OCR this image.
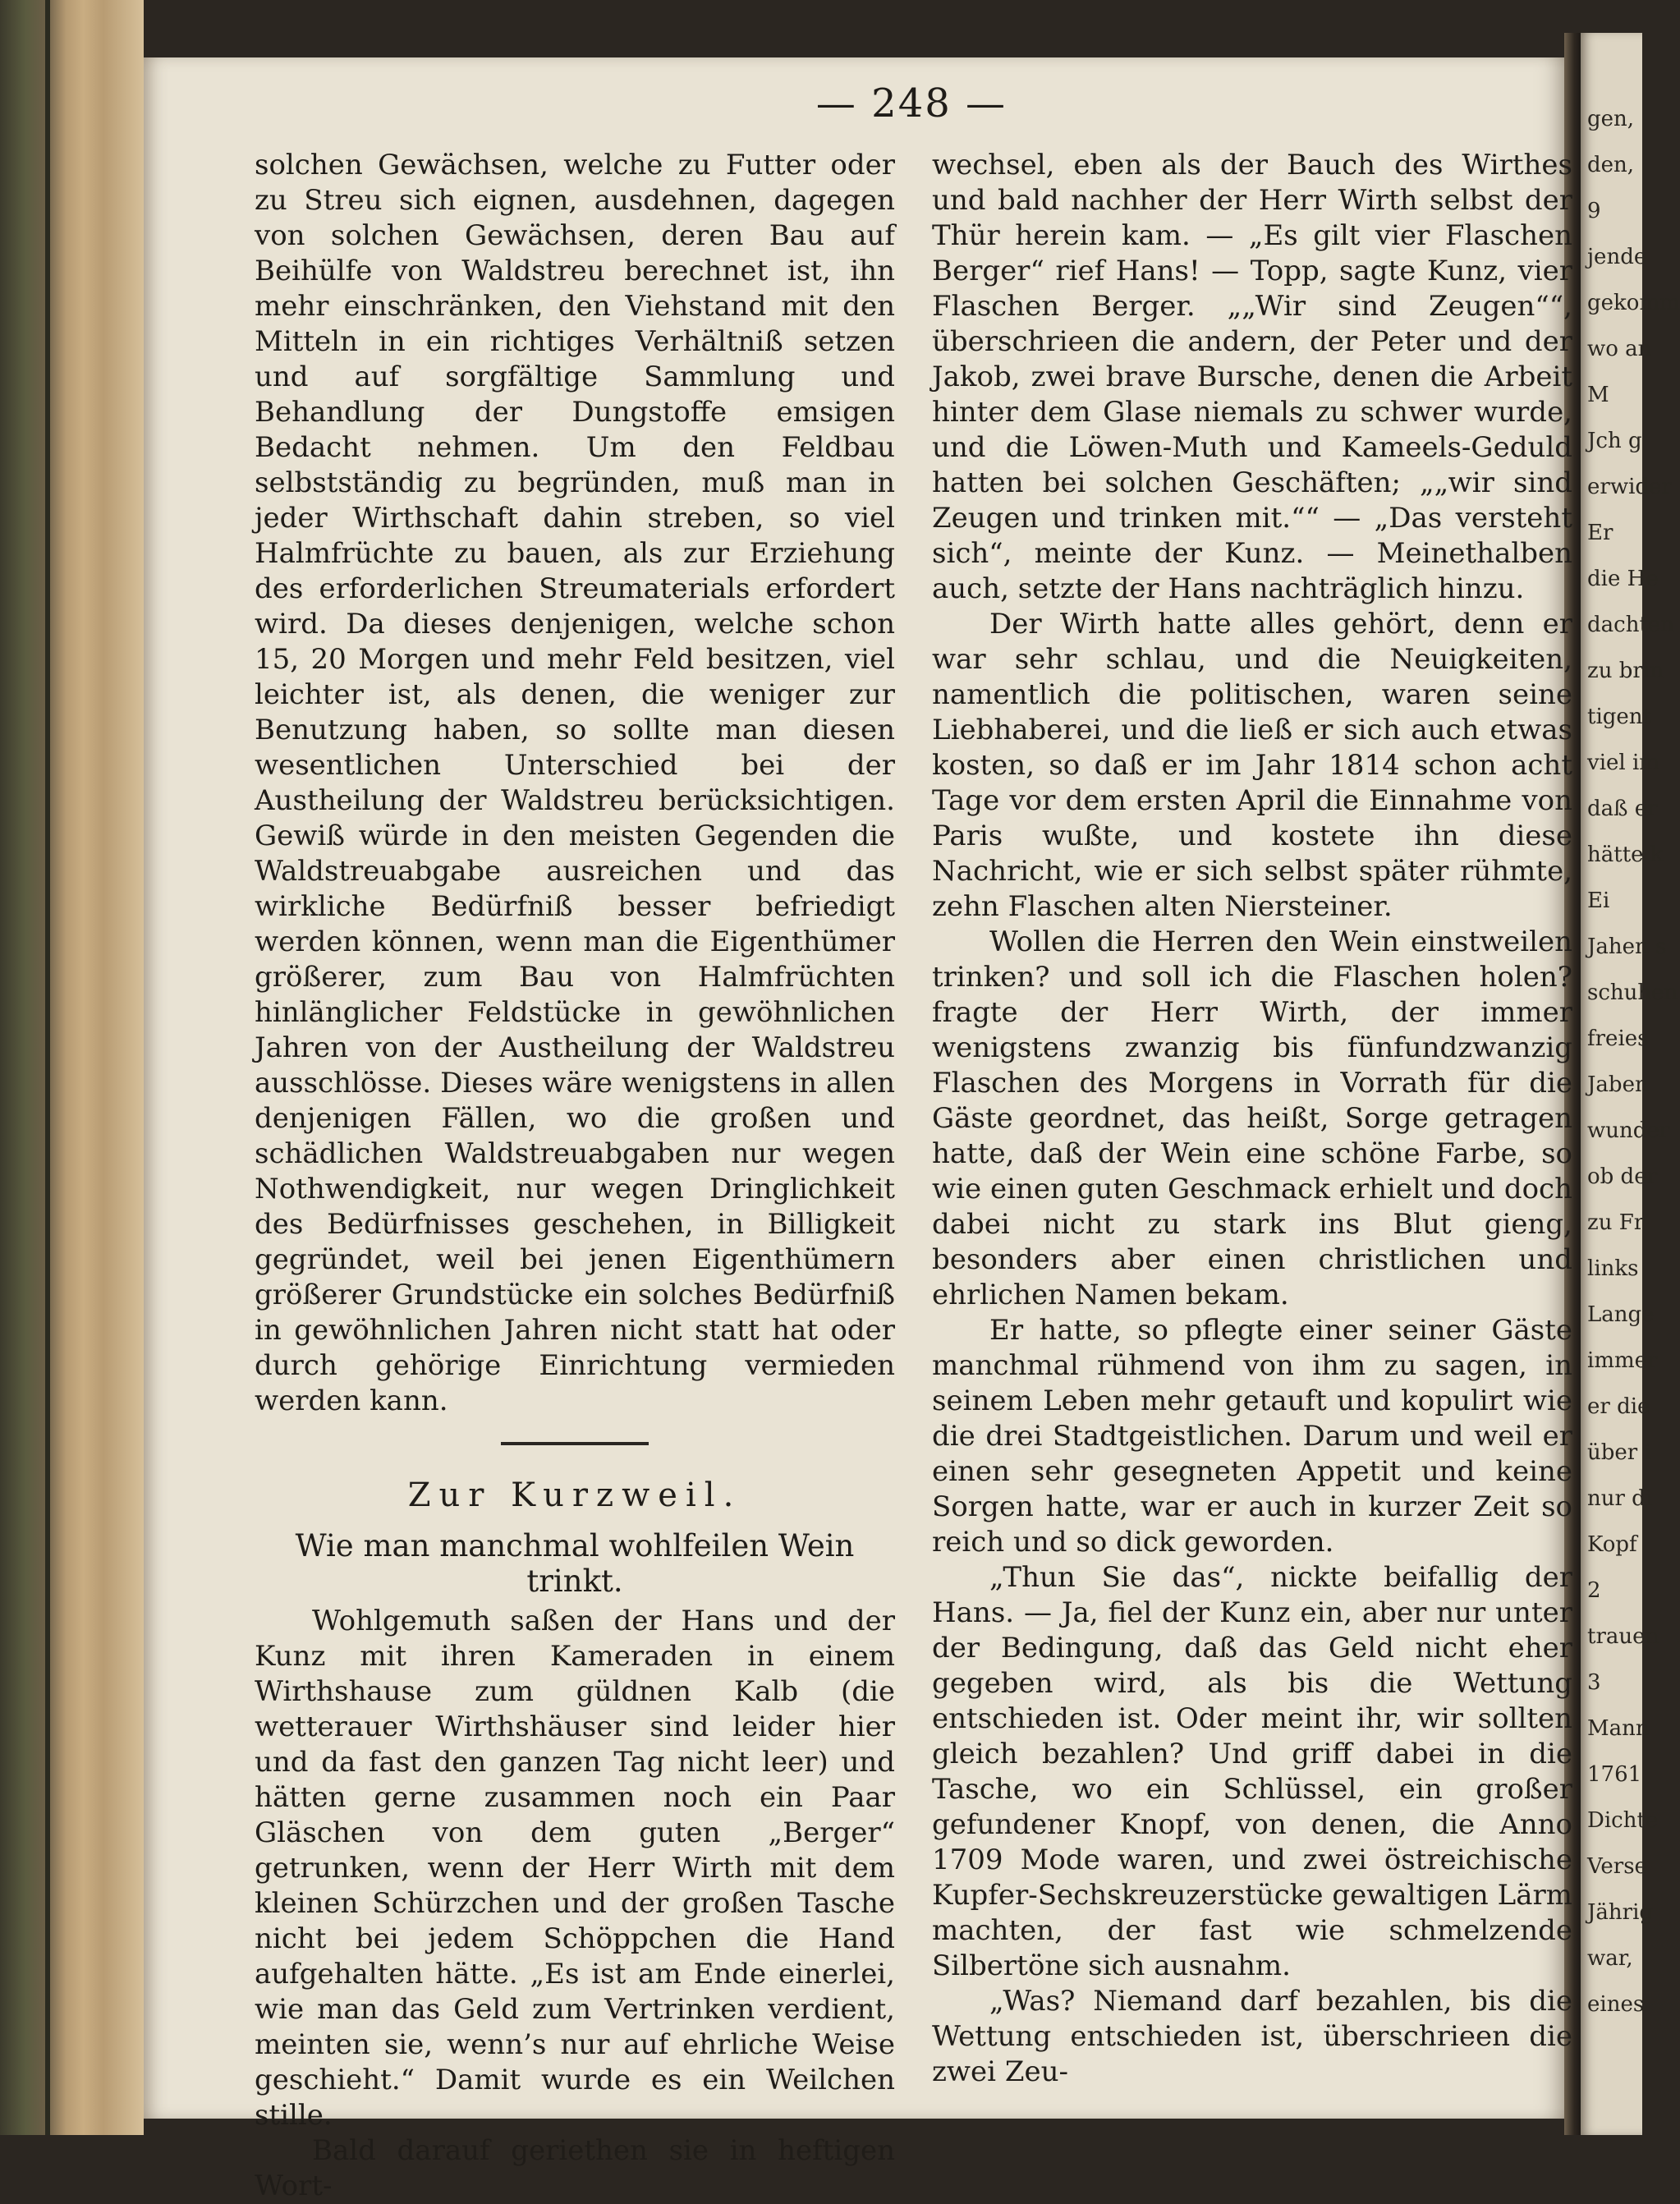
gen,
den,
9
jende
gekomm
wo an
M
Jch g
erwider
Er
die He
dachten
zu brin
tigent
viel im
daß er
hätte k
Ei
Jahen s
schuhen
freies
Jaben
wunder
ob der
zu Fr
links
Lange
immer
er die
über i
nur di
Kopf
2
trauen
3
Mann
1761
Dichte
Verse
Jährig
war,
eines
— 248 —

solchen Gewächsen, welche zu Futter oder zu Streu sich eignen, ausdehnen, dagegen von solchen Gewächsen, deren Bau auf Beihülfe von Waldstreu berechnet ist, ihn mehr einschränken, den Viehstand mit den Mitteln in ein richtiges Verhältniß setzen und auf sorgfältige Sammlung und Behandlung der Dungstoffe emsigen Bedacht nehmen. Um den Feldbau selbstständig zu begründen, muß man in jeder Wirthschaft dahin streben, so viel Halmfrüchte zu bauen, als zur Erziehung des erforderlichen Streumaterials erfordert wird. Da dieses denjenigen, welche schon 15, 20 Morgen und mehr Feld besitzen, viel leichter ist, als denen, die weniger zur Benutzung haben, so sollte man diesen wesentlichen Unterschied bei der Austheilung der Waldstreu berücksichtigen. Gewiß würde in den meisten Gegenden die Waldstreuabgabe ausreichen und das wirkliche Bedürfniß besser befriedigt werden können, wenn man die Eigenthümer größerer, zum Bau von Halmfrüchten hinlänglicher Feldstücke in gewöhnlichen Jahren von der Austheilung der Waldstreu ausschlösse. Dieses wäre wenigstens in allen denjenigen Fällen, wo die großen und schädlichen Waldstreuabgaben nur wegen Nothwendigkeit, nur wegen Dringlichkeit des Bedürfnisses geschehen, in Billigkeit gegründet, weil bei jenen Eigenthümern größerer Grundstücke ein solches Bedürfniß in gewöhnlichen Jahren nicht statt hat oder durch gehörige Einrichtung vermieden werden kann.

Zur Kurzweil.
Wie man manchmal wohlfeilen Wein trinkt.

Wohlgemuth saßen der Hans und der Kunz mit ihren Kameraden in einem Wirthshause zum güldnen Kalb (die wetterauer Wirthshäuser sind leider hier und da fast den ganzen Tag nicht leer) und hätten gerne zusammen noch ein Paar Gläschen von dem guten „Berger“ getrunken, wenn der Herr Wirth mit dem kleinen Schürzchen und der großen Tasche nicht bei jedem Schöppchen die Hand aufgehalten hätte. „Es ist am Ende einerlei, wie man das Geld zum Vertrinken verdient, meinten sie, wenn’s nur auf ehrliche Weise geschieht.“ Damit wurde es ein Weilchen stille.

Bald darauf geriethen sie in heftigen Wort-

wechsel, eben als der Bauch des Wirthes und bald nachher der Herr Wirth selbst der Thür herein kam. — „Es gilt vier Flaschen Berger“ rief Hans! — Topp, sagte Kunz, vier Flaschen Berger. „„Wir sind Zeugen““, überschrieen die andern, der Peter und der Jakob, zwei brave Bursche, denen die Arbeit hinter dem Glase niemals zu schwer wurde, und die Löwen-Muth und Kameels-Geduld hatten bei solchen Geschäften; „„wir sind Zeugen und trinken mit.““ — „Das versteht sich“, meinte der Kunz. — Meinethalben auch, setzte der Hans nachträglich hinzu.

Der Wirth hatte alles gehört, denn er war sehr schlau, und die Neuigkeiten, namentlich die politischen, waren seine Liebhaberei, und die ließ er sich auch etwas kosten, so daß er im Jahr 1814 schon acht Tage vor dem ersten April die Einnahme von Paris wußte, und kostete ihn diese Nachricht, wie er sich selbst später rühmte, zehn Flaschen alten Niersteiner.

Wollen die Herren den Wein einstweilen trinken? und soll ich die Flaschen holen? fragte der Herr Wirth, der immer wenigstens zwanzig bis fünfundzwanzig Flaschen des Morgens in Vorrath für die Gäste geordnet, das heißt, Sorge getragen hatte, daß der Wein eine schöne Farbe, so wie einen guten Geschmack erhielt und doch dabei nicht zu stark ins Blut gieng, besonders aber einen christlichen und ehrlichen Namen bekam.

Er hatte, so pflegte einer seiner Gäste manchmal rühmend von ihm zu sagen, in seinem Leben mehr getauft und kopulirt wie die drei Stadtgeistlichen. Darum und weil er einen sehr gesegneten Appetit und keine Sorgen hatte, war er auch in kurzer Zeit so reich und so dick geworden.

„Thun Sie das“, nickte beifallig der Hans. — Ja, fiel der Kunz ein, aber nur unter der Bedingung, daß das Geld nicht eher gegeben wird, als bis die Wettung entschieden ist. Oder meint ihr, wir sollten gleich bezahlen? Und griff dabei in die Tasche, wo ein Schlüssel, ein großer gefundener Knopf, von denen, die Anno 1709 Mode waren, und zwei östreichische Kupfer-Sechskreuzerstücke gewaltigen Lärm machten, der fast wie schmelzende Silbertöne sich ausnahm.

„Was? Niemand darf bezahlen, bis die Wettung entschieden ist, überschrieen die zwei Zeu-
